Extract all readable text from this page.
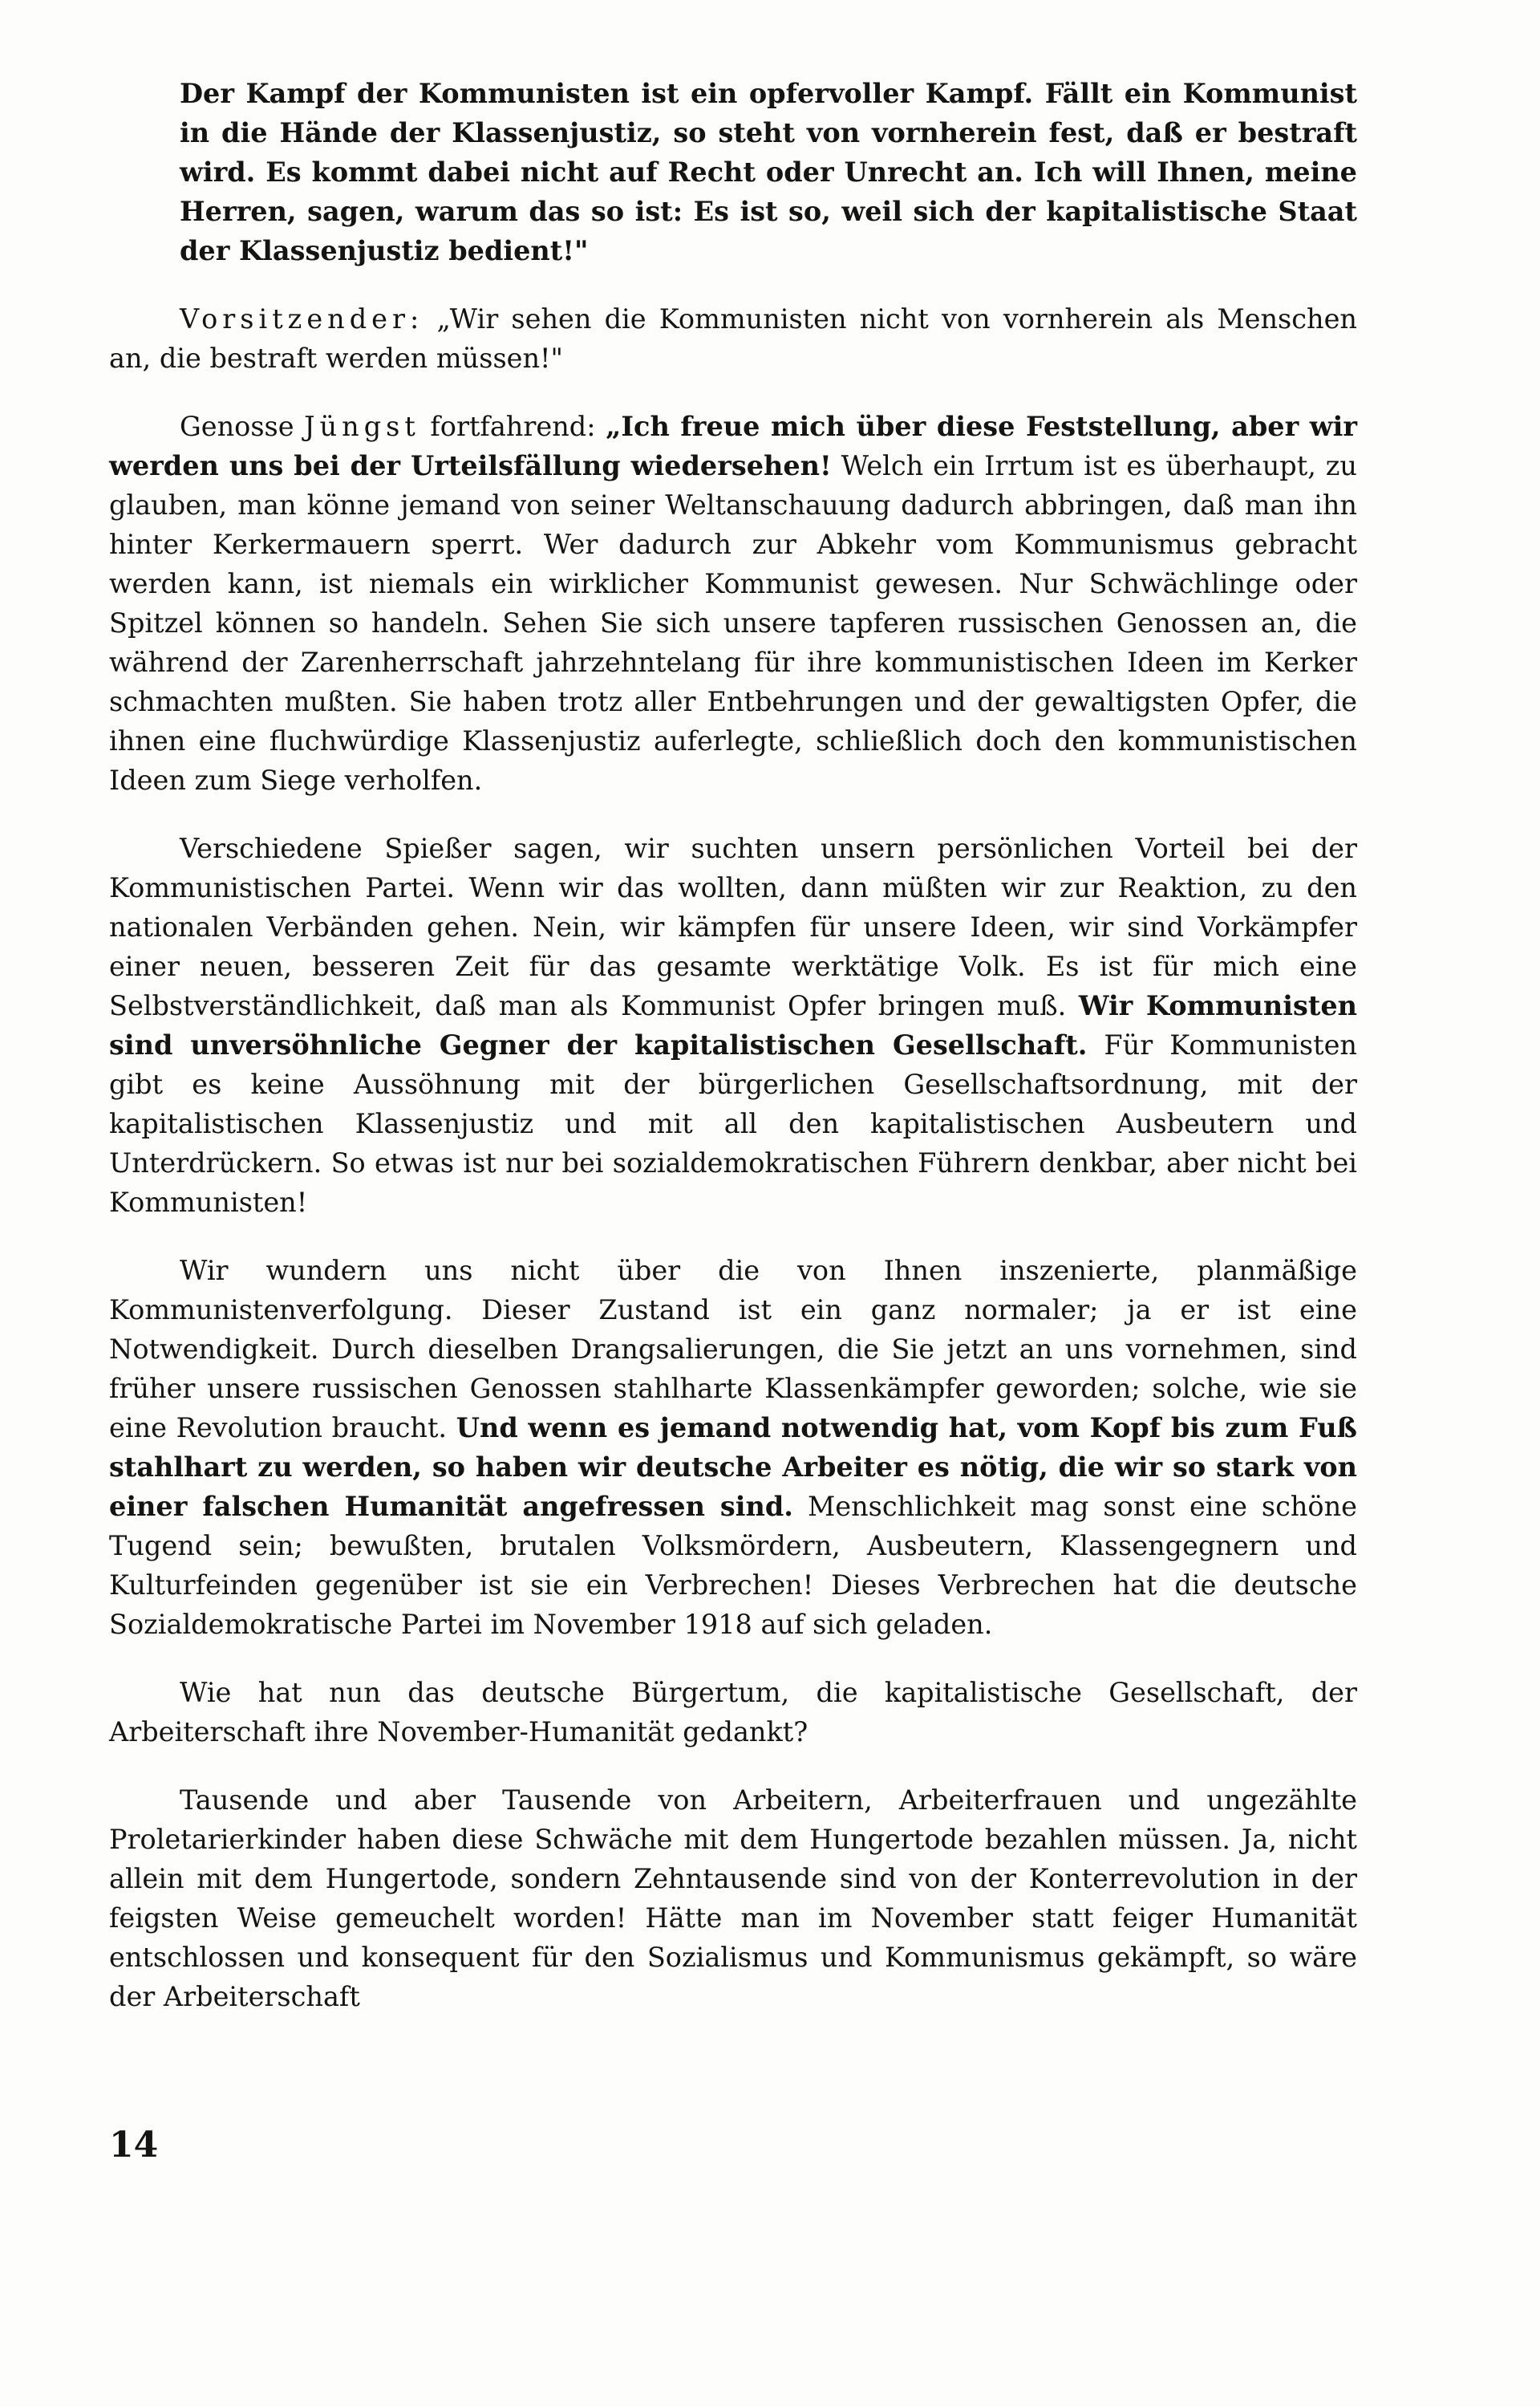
Der Kampf der Kommunisten ist ein opfervoller Kampf. Fällt ein Kommunist in die Hände der Klassenjustiz, so steht von vornherein fest, daß er bestraft wird. Es kommt dabei nicht auf Recht oder Unrecht an. Ich will Ihnen, meine Herren, sagen, warum das so ist: Es ist so, weil sich der kapitalistische Staat der Klassenjustiz bedient!"

Vorsitzender: „Wir sehen die Kommunisten nicht von vornherein als Menschen an, die bestraft werden müssen!"

Genosse Jüngst fortfahrend: „Ich freue mich über diese Feststellung, aber wir werden uns bei der Urteilsfällung wiedersehen! Welch ein Irrtum ist es überhaupt, zu glauben, man könne jemand von seiner Weltanschauung dadurch abbringen, daß man ihn hinter Kerkermauern sperrt. Wer dadurch zur Abkehr vom Kommunismus gebracht werden kann, ist niemals ein wirklicher Kommunist gewesen. Nur Schwächlinge oder Spitzel können so handeln. Sehen Sie sich unsere tapferen russischen Genossen an, die während der Zarenherrschaft jahrzehntelang für ihre kommunistischen Ideen im Kerker schmachten mußten. Sie haben trotz aller Entbehrungen und der gewaltigsten Opfer, die ihnen eine fluchwürdige Klassenjustiz auferlegte, schließlich doch den kommunistischen Ideen zum Siege verholfen.

Verschiedene Spießer sagen, wir suchten unsern persönlichen Vorteil bei der Kommunistischen Partei. Wenn wir das wollten, dann müßten wir zur Reaktion, zu den nationalen Verbänden gehen. Nein, wir kämpfen für unsere Ideen, wir sind Vorkämpfer einer neuen, besseren Zeit für das gesamte werktätige Volk. Es ist für mich eine Selbstverständlichkeit, daß man als Kommunist Opfer bringen muß. Wir Kommunisten sind unversöhnliche Gegner der kapitalistischen Gesellschaft. Für Kommunisten gibt es keine Aussöhnung mit der bürgerlichen Gesellschaftsordnung, mit der kapitalistischen Klassenjustiz und mit all den kapitalistischen Ausbeutern und Unterdrückern. So etwas ist nur bei sozialdemokratischen Führern denkbar, aber nicht bei Kommunisten!

Wir wundern uns nicht über die von Ihnen inszenierte, planmäßige Kommunistenverfolgung. Dieser Zustand ist ein ganz normaler; ja er ist eine Notwendigkeit. Durch dieselben Drangsalierungen, die Sie jetzt an uns vornehmen, sind früher unsere russischen Genossen stahlharte Klassenkämpfer geworden; solche, wie sie eine Revolution braucht. Und wenn es jemand notwendig hat, vom Kopf bis zum Fuß stahlhart zu werden, so haben wir deutsche Arbeiter es nötig, die wir so stark von einer falschen Humanität angefressen sind. Menschlichkeit mag sonst eine schöne Tugend sein; bewußten, brutalen Volksmördern, Ausbeutern, Klassengegnern und Kulturfeinden gegenüber ist sie ein Verbrechen! Dieses Verbrechen hat die deutsche Sozialdemokratische Partei im November 1918 auf sich geladen.

Wie hat nun das deutsche Bürgertum, die kapitalistische Gesellschaft, der Arbeiterschaft ihre November-Humanität gedankt?

Tausende und aber Tausende von Arbeitern, Arbeiterfrauen und ungezählte Proletarierkinder haben diese Schwäche mit dem Hungertode bezahlen müssen. Ja, nicht allein mit dem Hungertode, sondern Zehntausende sind von der Konterrevolution in der feigsten Weise gemeuchelt worden! Hätte man im November statt feiger Humanität entschlossen und konsequent für den Sozialismus und Kommunismus gekämpft, so wäre der Arbeiterschaft

14
